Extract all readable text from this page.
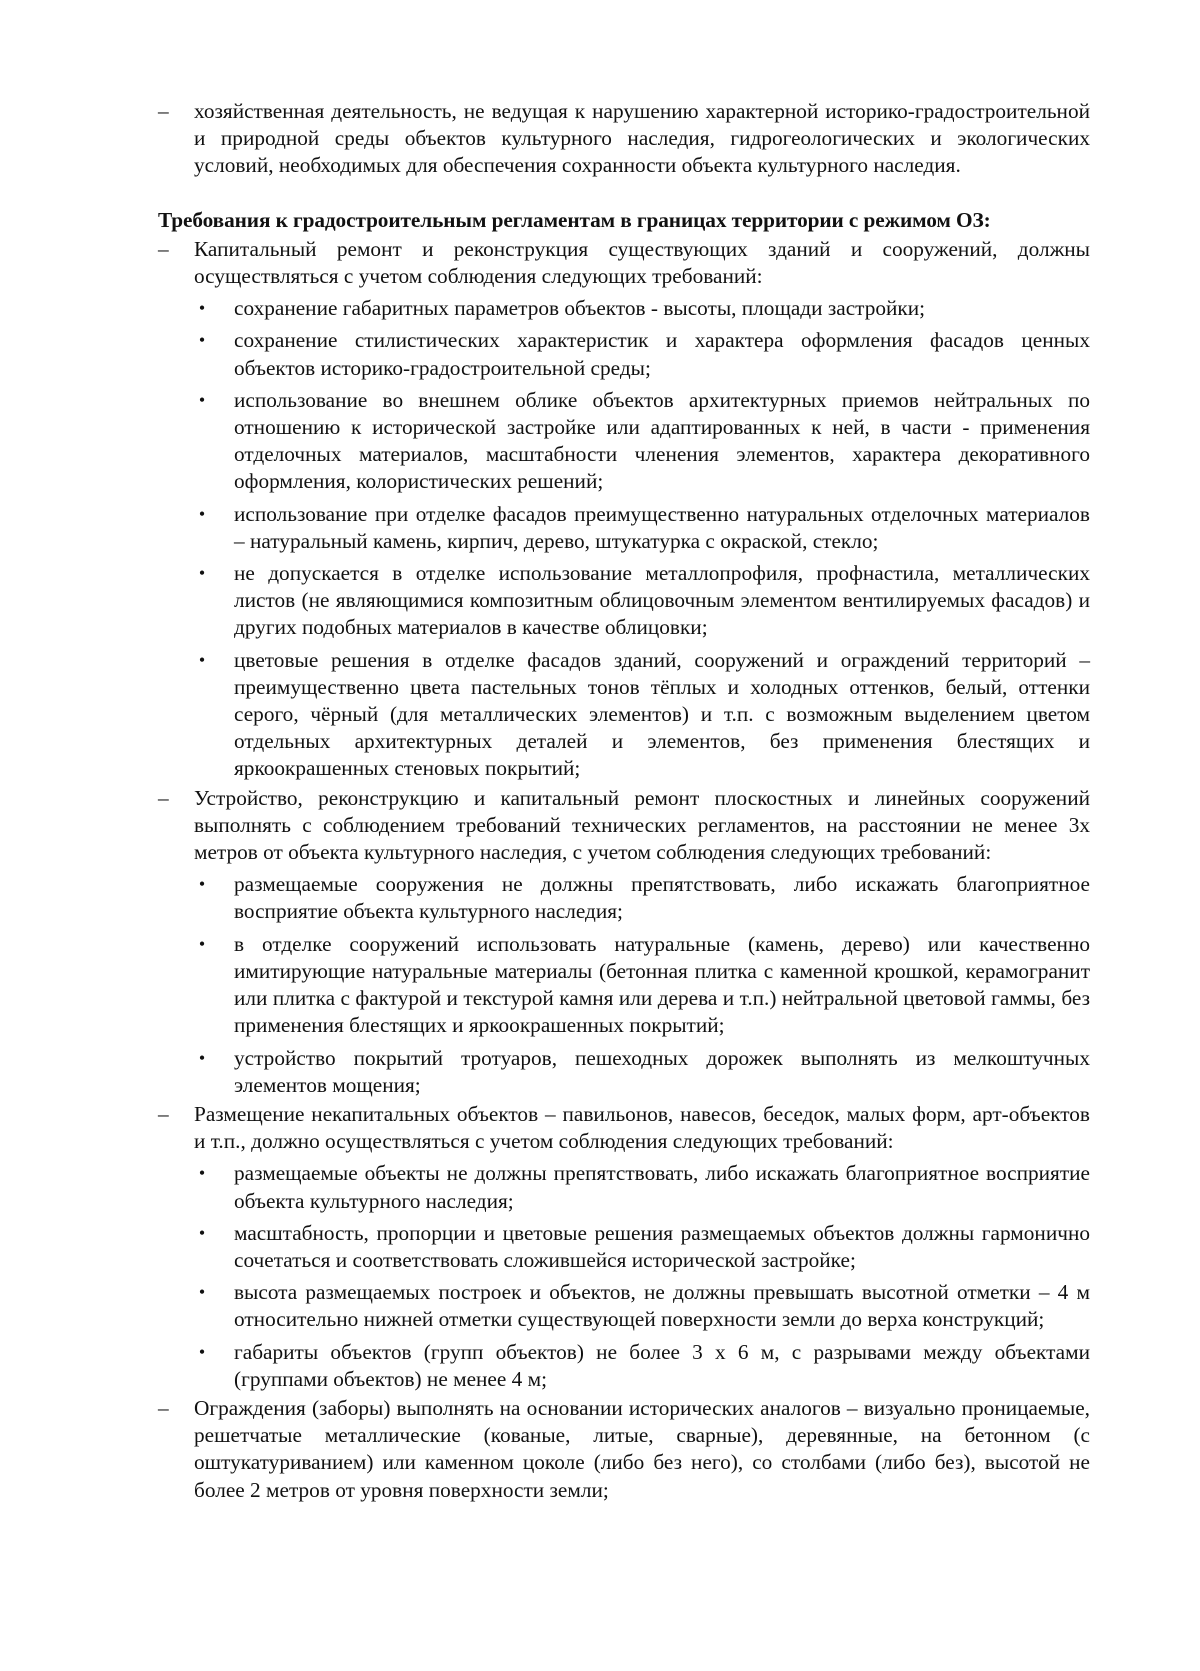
–	хозяйственная деятельность, не ведущая к нарушению характерной историко-градостроительной и природной среды объектов культурного наследия, гидрогеологических и экологических условий, необходимых для обеспечения сохранности объекта культурного наследия.
Требования к градостроительным регламентам в границах территории с режимом ОЗ:
–	Капитальный ремонт и реконструкция существующих зданий и сооружений, должны осуществляться с учетом соблюдения следующих требований:
• сохранение габаритных параметров объектов - высоты, площади застройки;
• сохранение стилистических характеристик и характера оформления фасадов ценных объектов историко-градостроительной среды;
• использование во внешнем облике объектов архитектурных приемов нейтральных по отношению к исторической застройке или адаптированных к ней, в части - применения отделочных материалов, масштабности членения элементов, характера декоративного оформления, колористических решений;
• использование при отделке фасадов преимущественно натуральных отделочных материалов – натуральный камень, кирпич, дерево, штукатурка с окраской, стекло;
• не допускается в отделке использование металлопрофиля, профнастила, металлических листов (не являющимися композитным облицовочным элементом вентилируемых фасадов) и других подобных материалов в качестве облицовки;
• цветовые решения в отделке фасадов зданий, сооружений и ограждений территорий – преимущественно цвета пастельных тонов тёплых и холодных оттенков, белый, оттенки серого, чёрный (для металлических элементов) и т.п. с возможным выделением цветом отдельных архитектурных деталей и элементов, без применения блестящих и яркоокрашенных стеновых покрытий;
–	Устройство, реконструкцию и капитальный ремонт плоскостных и линейных сооружений выполнять с соблюдением требований технических регламентов, на расстоянии не менее 3х метров от объекта культурного наследия, с учетом соблюдения следующих требований:
• размещаемые сооружения не должны препятствовать, либо искажать благоприятное восприятие объекта культурного наследия;
• в отделке сооружений использовать натуральные (камень, дерево) или качественно имитирующие натуральные материалы (бетонная плитка с каменной крошкой, керамогранит или плитка с фактурой и текстурой камня или дерева и т.п.) нейтральной цветовой гаммы, без применения блестящих и яркоокрашенных покрытий;
• устройство покрытий тротуаров, пешеходных дорожек выполнять из мелкоштучных элементов мощения;
–	Размещение некапитальных объектов – павильонов, навесов, беседок, малых форм, арт-объектов и т.п., должно осуществляться с учетом соблюдения следующих требований:
• размещаемые объекты не должны препятствовать, либо искажать благоприятное восприятие объекта культурного наследия;
• масштабность, пропорции и цветовые решения размещаемых объектов должны гармонично сочетаться и соответствовать сложившейся исторической застройке;
• высота размещаемых построек и объектов, не должны превышать высотной отметки – 4 м относительно нижней отметки существующей поверхности земли до верха конструкций;
• габариты объектов (групп объектов) не более 3 х 6 м, с разрывами между объектами (группами объектов) не менее 4 м;
–	Ограждения (заборы) выполнять на основании исторических аналогов – визуально проницаемые, решетчатые металлические (кованые, литые, сварные), деревянные, на бетонном (с оштукатуриванием) или каменном цоколе (либо без него), со столбами (либо без), высотой не более 2 метров от уровня поверхности земли;
